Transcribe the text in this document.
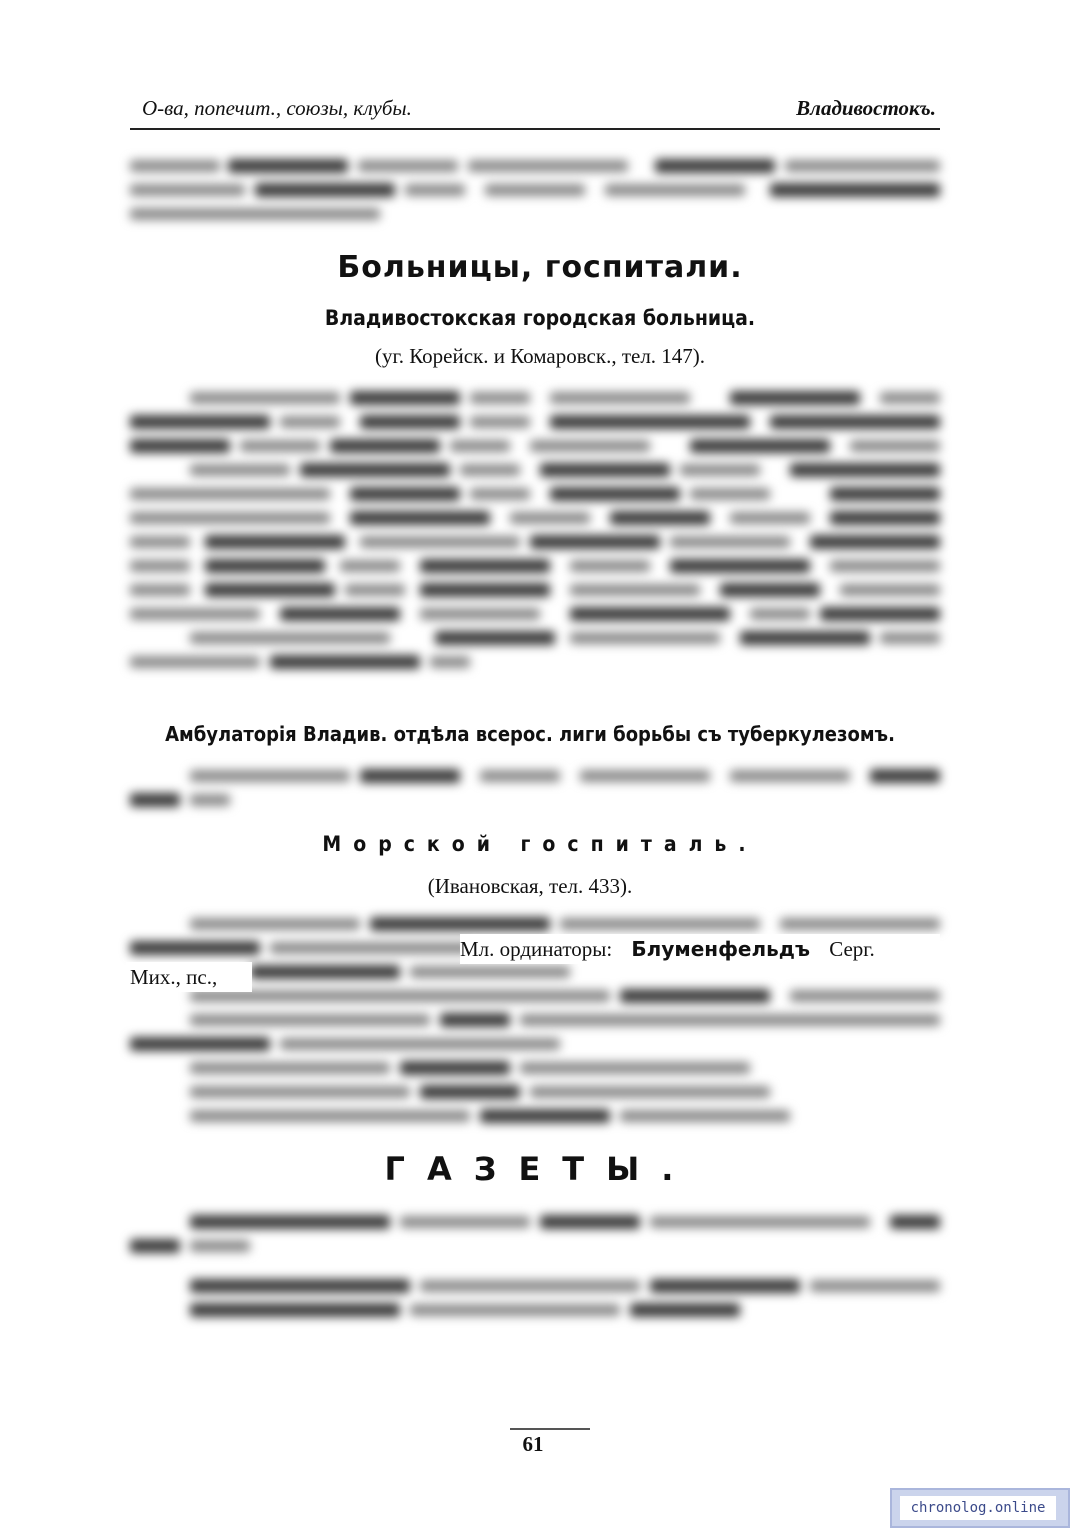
О-ва, попечит., союзы, клубы.	Владивостокъ.
Больницы, госпитали.
Владивостокская городская больница.
(уг. Корейск. и Комаровск., тел. 147).
Амбулаторія Владив. отдѣла всерос. лиги борьбы съ туберкулезомъ.
Морской госпиталь.
(Ивановская, тел. 433).
Мл. ординаторы: Блуменфельдъ Серг.
Мих., пс.,
ГАЗЕТЫ.
61
chronolog.online
